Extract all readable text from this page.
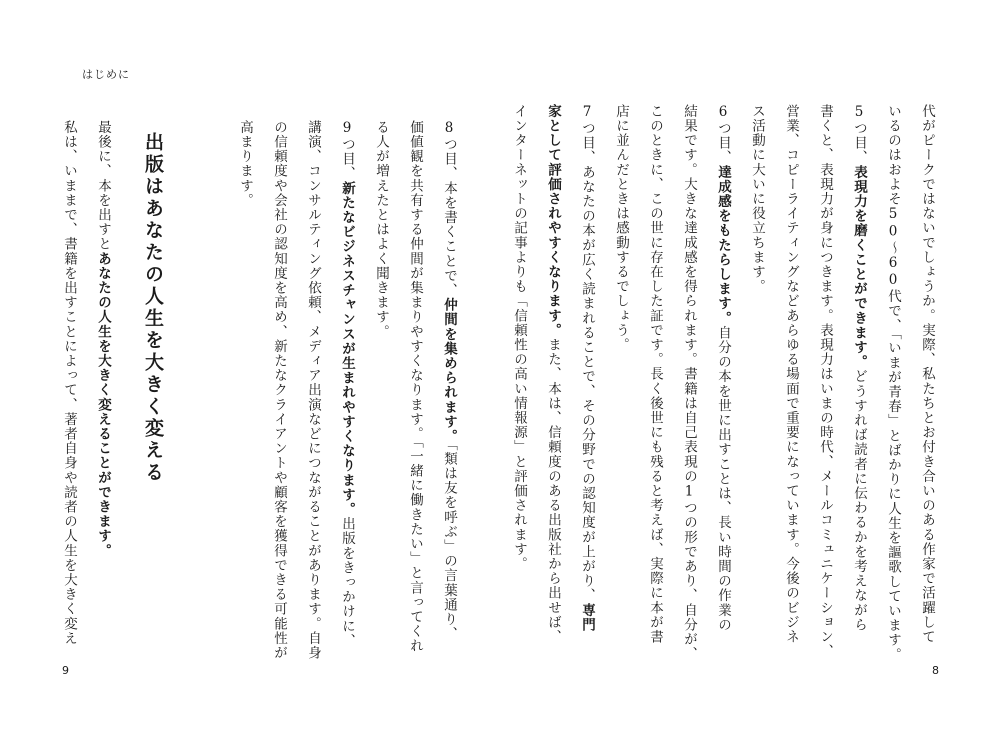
はじめに
代がピークではないでしょうか。実際、私たちとお付き合いのある作家で活躍して
いるのはおよそ50〜60代で、「いまが青春」とばかりに人生を謳歌しています。
5つ目、表現力を磨くことができます。どうすれば読者に伝わるかを考えながら
書くと、表現力が身につきます。表現力はいまの時代、メールコミュニケーション、
営業、コピーライティングなどあらゆる場面で重要になっています。今後のビジネ
ス活動に大いに役立ちます。
6つ目、達成感をもたらします。自分の本を世に出すことは、長い時間の作業の
結果です。大きな達成感を得られます。書籍は自己表現の1つの形であり、自分が、
このときに、この世に存在した証です。長く後世にも残ると考えば、実際に本が書
店に並んだときは感動するでしょう。
7つ目、あなたの本が広く読まれることで、その分野での認知度が上がり、専門
家として評価されやすくなります。また、本は、信頼度のある出版社から出せば、
インターネットの記事よりも「信頼性の高い情報源」と評価されます。
8つ目、本を書くことで、仲間を集められます。「類は友を呼ぶ」の言葉通り、
価値観を共有する仲間が集まりやすくなります。「一緒に働きたい」と言ってくれ
る人が増えたとはよく聞きます。
9つ目、新たなビジネスチャンスが生まれやすくなります。出版をきっかけに、
講演、コンサルティング依頼、メディア出演などにつながることがあります。自身
の信頼度や会社の認知度を高め、新たなクライアントや顧客を獲得できる可能性が
高まります。
出版はあなたの人生を大きく変える
最後に、本を出すとあなたの人生を大きく変えることができます。
私は、いままで、書籍を出すことによって、著者自身や読者の人生を大きく変え
9	8
